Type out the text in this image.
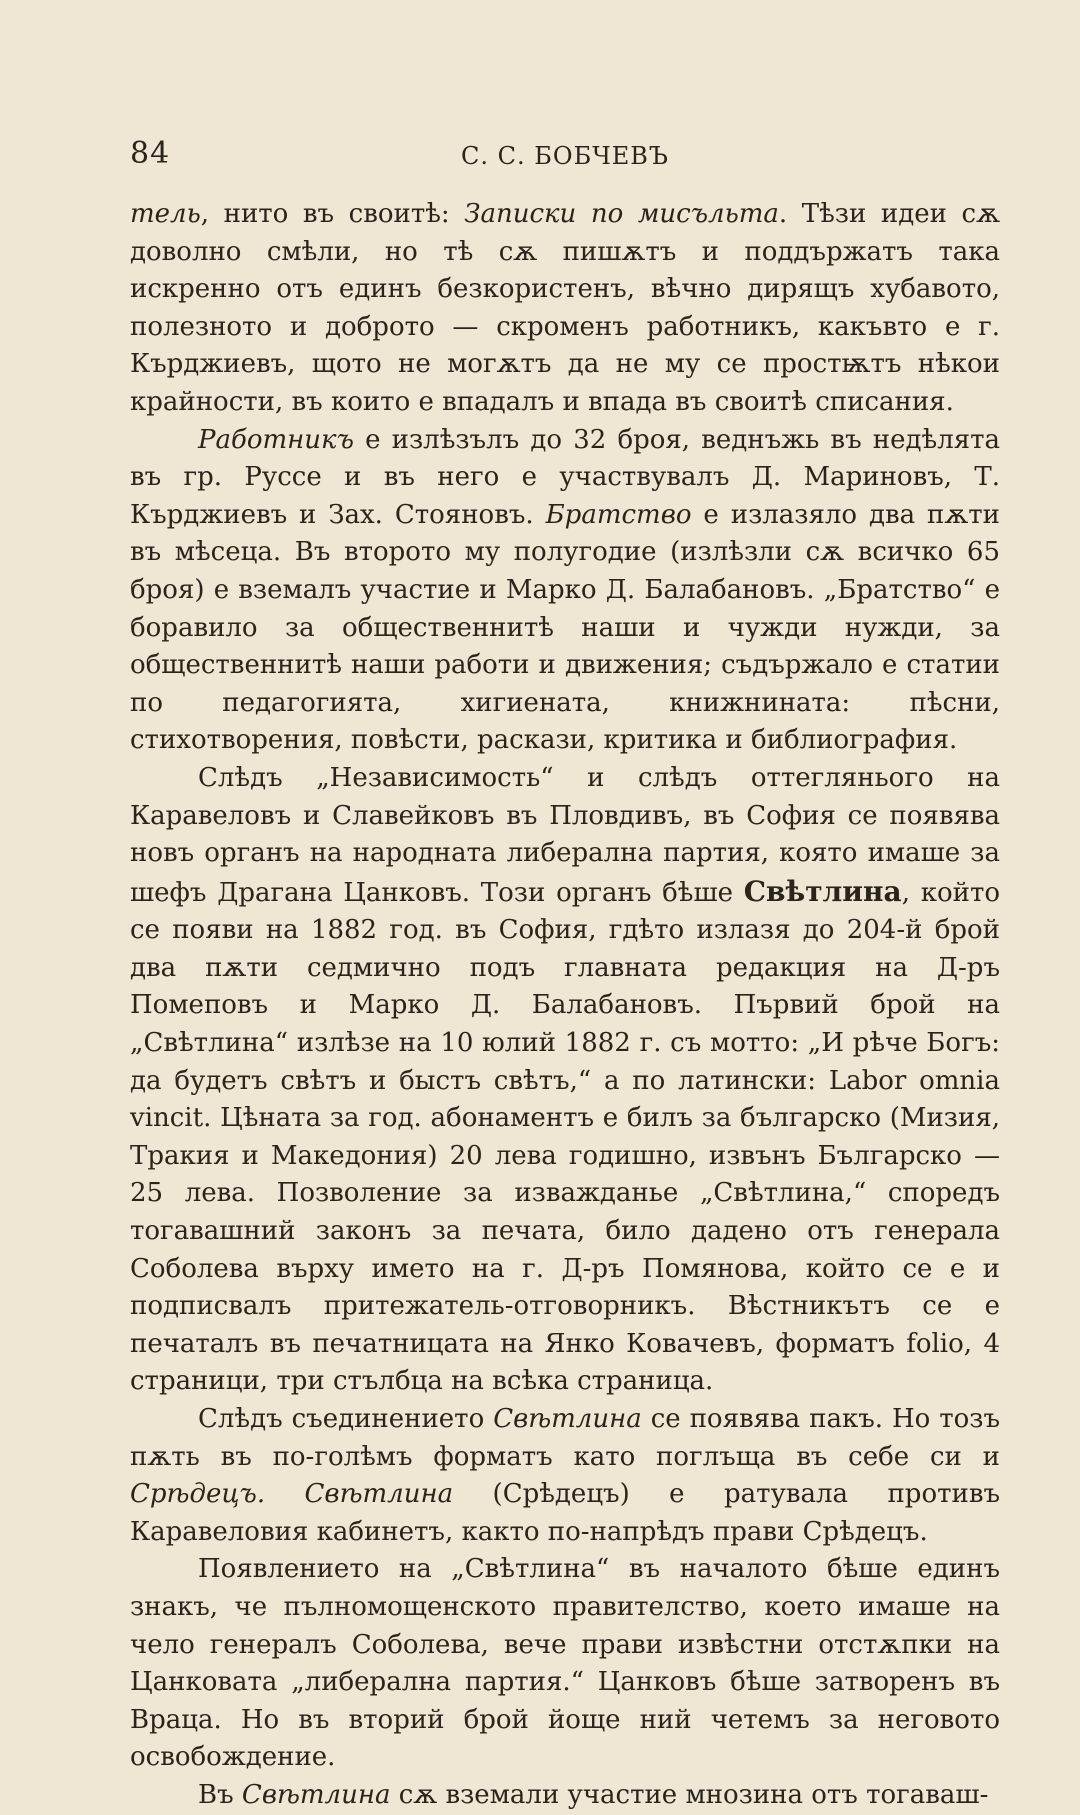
84	С. С. БОБЧЕВЪ

тель, нито въ своитѣ: Записки по мисъльта. Тѣзи идеи сѫ доволно смѣли, но тѣ сѫ пишѫтъ и поддържатъ така искренно отъ единъ безкористенъ, вѣчно дирящъ хубавото, полезното и доброто — скроменъ работникъ, какъвто е г. Кърджиевъ, щото не могѫтъ да не му се простѭтъ нѣкои крайности, въ които е впадалъ и впада въ своитѣ списания.

Работникъ е излѣзълъ до 32 броя, веднъжь въ недѣлята въ гр. Руссе и въ него е участвувалъ Д. Мариновъ, Т. Кърджиевъ и Зах. Стояновъ. Братство е излазяло два пѫти въ мѣсеца. Въ второто му полугодие (излѣзли сѫ всичко 65 броя) е вземалъ участие и Марко Д. Балабановъ. „Братство“ е боравило за общественнитѣ наши и чужди нужди, за общественнитѣ наши работи и движения; съдържало е статии по педагогията, хигиената, книжнината: пѣсни, стихотворения, повѣсти, раскази, критика и библиография.

Слѣдъ „Независимость“ и слѣдъ оттеглянього на Каравеловъ и Славейковъ въ Пловдивъ, въ София се появява новъ органъ на народната либерална партия, която имаше за шефъ Драгана Цанковъ. Този органъ бѣше Свѣтлина, който се появи на 1882 год. въ София, гдѣто излазя до 204-й брой два пѫти седмично подъ главната редакция на Д-ръ Помеповъ и Марко Д. Балабановъ. Първий брой на „Свѣтлина“ излѣзе на 10 юлий 1882 г. съ мотто: „И рѣче Богъ: да будетъ свѣтъ и быстъ свѣтъ,“ а по латински: Labor omnia vincit. Цѣната за год. абонаментъ е билъ за българско (Мизия, Тракия и Македония) 20 лева годишно, извънъ Българско — 25 лева. Позволение за изважданье „Свѣтлина,“ споредъ тогавашний законъ за печата, било дадено отъ генерала Соболева върху името на г. Д-ръ Помянова, който се е и подписвалъ притежатель-отговорникъ. Вѣстникътъ се е печаталъ въ печатницата на Янко Ковачевъ, форматъ folio, 4 страници, три стълбца на всѣка страница.

Слѣдъ съединението Свѣтлина се появява пакъ. Но тозъ пѫть въ по-голѣмъ форматъ като поглъща въ себе си и Срѣдецъ. Свѣтлина (Срѣдецъ) е ратувала противъ Каравеловия кабинетъ, както по-напрѣдъ прави Срѣдецъ.

Появлението на „Свѣтлина“ въ началото бѣше единъ знакъ, че пълномощенското правителство, което имаше на чело генералъ Соболева, вече прави извѣстни отстѫпки на Цанковата „либерална партия.“ Цанковъ бѣше затворенъ въ Враца. Но въ вторий брой йоще ний четемъ за неговото освобождение.

Въ Свѣтлина сѫ вземали участие мнозина отъ тогаваш-
